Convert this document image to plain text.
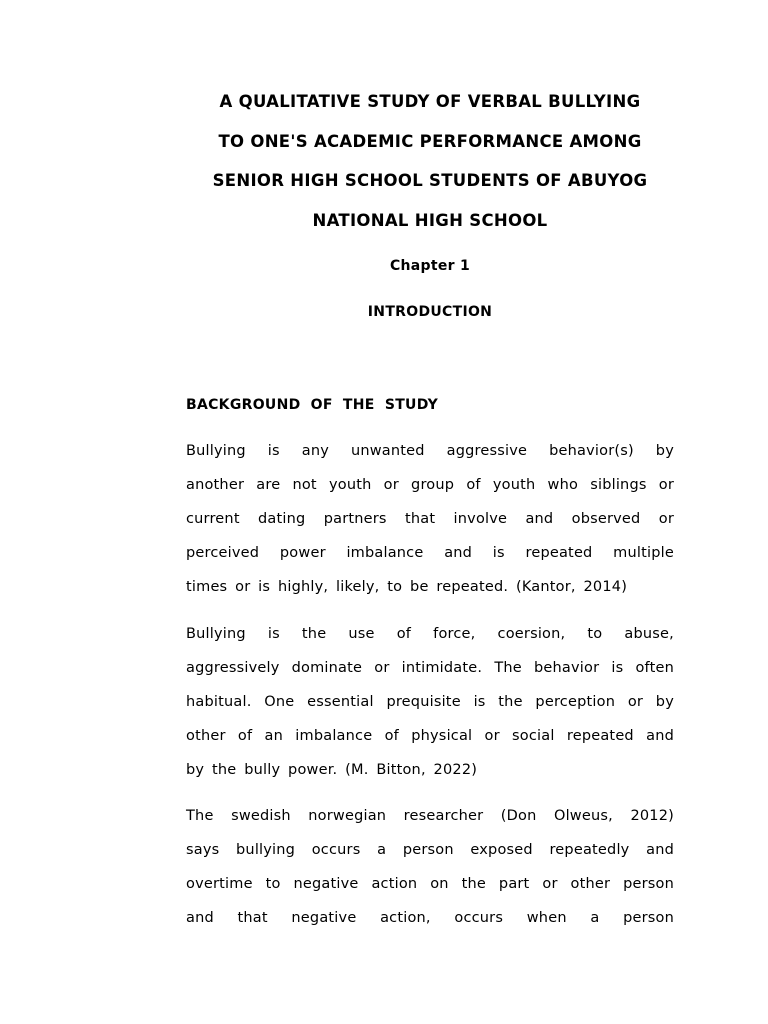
A QUALITATIVE STUDY OF VERBAL BULLYING
TO ONE'S ACADEMIC PERFORMANCE AMONG
SENIOR HIGH SCHOOL STUDENTS OF ABUYOG
NATIONAL HIGH SCHOOL
Chapter 1
INTRODUCTION
BACKGROUND OF THE STUDY
Bullying is any unwanted aggressive behavior(s) by
another are not youth or group of youth who siblings or
current dating partners that involve and observed or
perceived power imbalance and is repeated multiple
times or is highly, likely, to be repeated. (Kantor, 2014)
Bullying is the use of force, coersion, to abuse,
aggressively dominate or intimidate. The behavior is often
habitual. One essential prequisite is the perception or by
other of an imbalance of physical or social repeated and
by the bully power. (M. Bitton, 2022)
The swedish norwegian researcher (Don Olweus, 2012)
says bullying occurs a person exposed repeatedly and
overtime to negative action on the part or other person
and that negative action, occurs when a person
